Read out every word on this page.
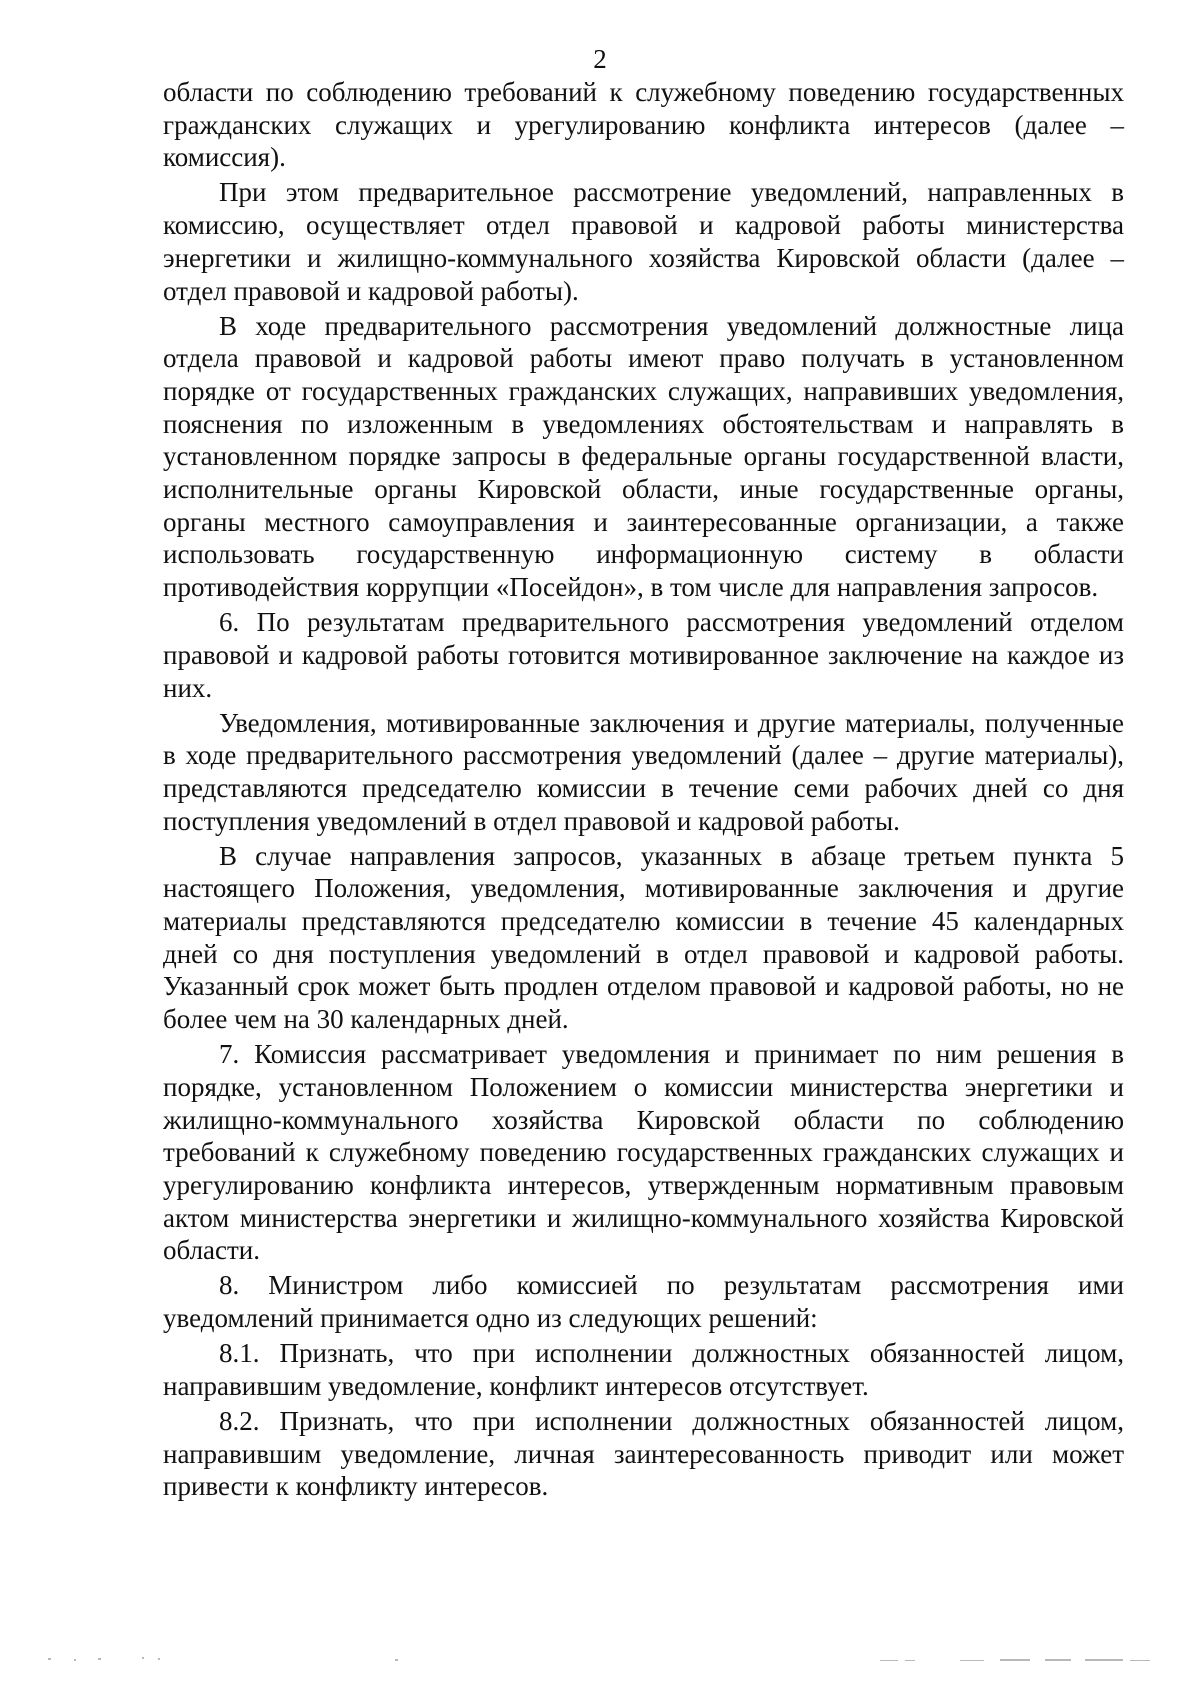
2

области по соблюдению требований к служебному поведению государственных гражданских служащих и урегулированию конфликта интересов (далее – комиссия).

При этом предварительное рассмотрение уведомлений, направленных в комиссию, осуществляет отдел правовой и кадровой работы министерства энергетики и жилищно-коммунального хозяйства Кировской области (далее – отдел правовой и кадровой работы).

В ходе предварительного рассмотрения уведомлений должностные лица отдела правовой и кадровой работы имеют право получать в установленном порядке от государственных гражданских служащих, направивших уведомления, пояснения по изложенным в уведомлениях обстоятельствам и направлять в установленном порядке запросы в федеральные органы государственной власти, исполнительные органы Кировской области, иные государственные органы, органы местного самоуправления и заинтересованные организации, а также использовать государственную информационную систему в области противодействия коррупции «Посейдон», в том числе для направления запросов.

6. По результатам предварительного рассмотрения уведомлений отделом правовой и кадровой работы готовится мотивированное заключение на каждое из них.

Уведомления, мотивированные заключения и другие материалы, полученные в ходе предварительного рассмотрения уведомлений (далее – другие материалы), представляются председателю комиссии в течение семи рабочих дней со дня поступления уведомлений в отдел правовой и кадровой работы.

В случае направления запросов, указанных в абзаце третьем пункта 5 настоящего Положения, уведомления, мотивированные заключения и другие материалы представляются председателю комиссии в течение 45 календарных дней со дня поступления уведомлений в отдел правовой и кадровой работы. Указанный срок может быть продлен отделом правовой и кадровой работы, но не более чем на 30 календарных дней.

7. Комиссия рассматривает уведомления и принимает по ним решения в порядке, установленном Положением о комиссии министерства энергетики и жилищно-коммунального хозяйства Кировской области по соблюдению требований к служебному поведению государственных гражданских служащих и урегулированию конфликта интересов, утвержденным нормативным правовым актом министерства энергетики и жилищно-коммунального хозяйства Кировской области.

8. Министром либо комиссией по результатам рассмотрения ими уведомлений принимается одно из следующих решений:

8.1. Признать, что при исполнении должностных обязанностей лицом, направившим уведомление, конфликт интересов отсутствует.

8.2. Признать, что при исполнении должностных обязанностей лицом, направившим уведомление, личная заинтересованность приводит или может привести к конфликту интересов.
